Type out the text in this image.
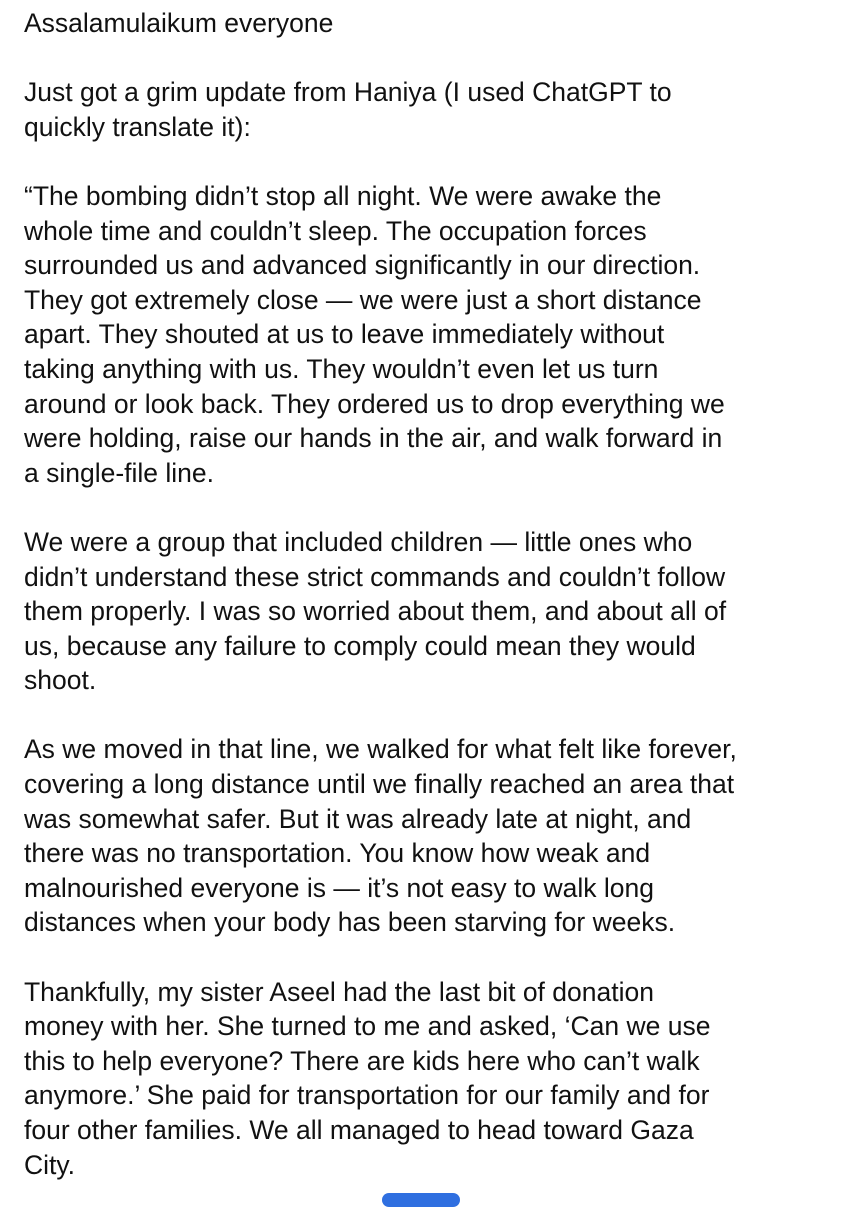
Assalamulaikum everyone
Just got a grim update from Haniya (I used ChatGPT to
quickly translate it):
“The bombing didn’t stop all night. We were awake the
whole time and couldn’t sleep. The occupation forces
surrounded us and advanced significantly in our direction.
They got extremely close — we were just a short distance
apart. They shouted at us to leave immediately without
taking anything with us. They wouldn’t even let us turn
around or look back. They ordered us to drop everything we
were holding, raise our hands in the air, and walk forward in
a single-file line.
We were a group that included children — little ones who
didn’t understand these strict commands and couldn’t follow
them properly. I was so worried about them, and about all of
us, because any failure to comply could mean they would
shoot.
As we moved in that line, we walked for what felt like forever,
covering a long distance until we finally reached an area that
was somewhat safer. But it was already late at night, and
there was no transportation. You know how weak and
malnourished everyone is — it’s not easy to walk long
distances when your body has been starving for weeks.
Thankfully, my sister Aseel had the last bit of donation
money with her. She turned to me and asked, ‘Can we use
this to help everyone? There are kids here who can’t walk
anymore.’ She paid for transportation for our family and for
four other families. We all managed to head toward Gaza
City.
